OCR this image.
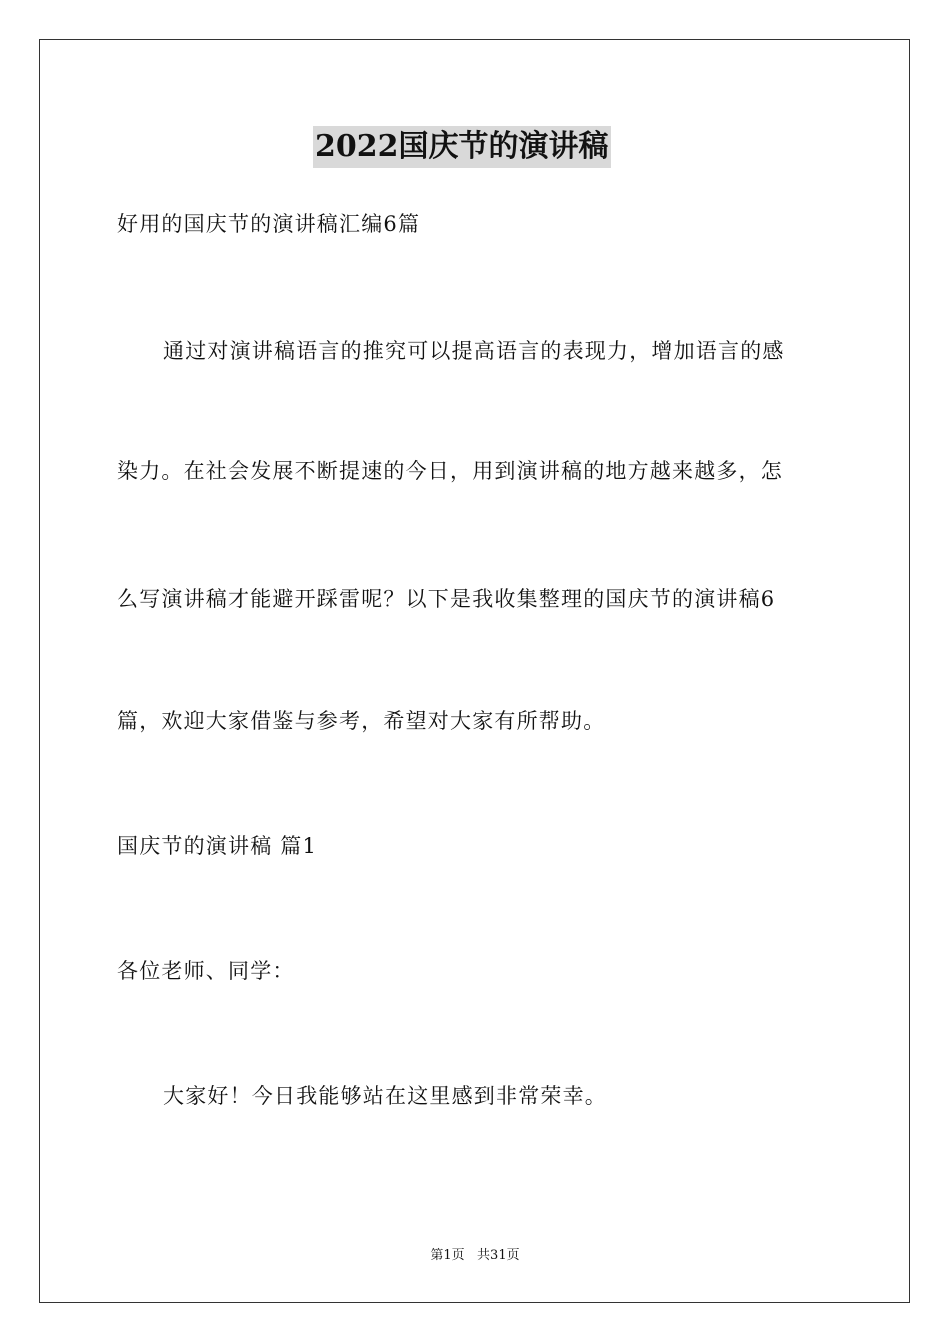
2022国庆节的演讲稿
好用的国庆节的演讲稿汇编6篇
通过对演讲稿语言的推究可以提高语言的表现力，增加语言的感
染力。在社会发展不断提速的今日，用到演讲稿的地方越来越多，怎
么写演讲稿才能避开踩雷呢？以下是我收集整理的国庆节的演讲稿6
篇，欢迎大家借鉴与参考，希望对大家有所帮助。
国庆节的演讲稿 篇1
各位老师、同学：
大家好！今日我能够站在这里感到非常荣幸。
第1页   共31页
